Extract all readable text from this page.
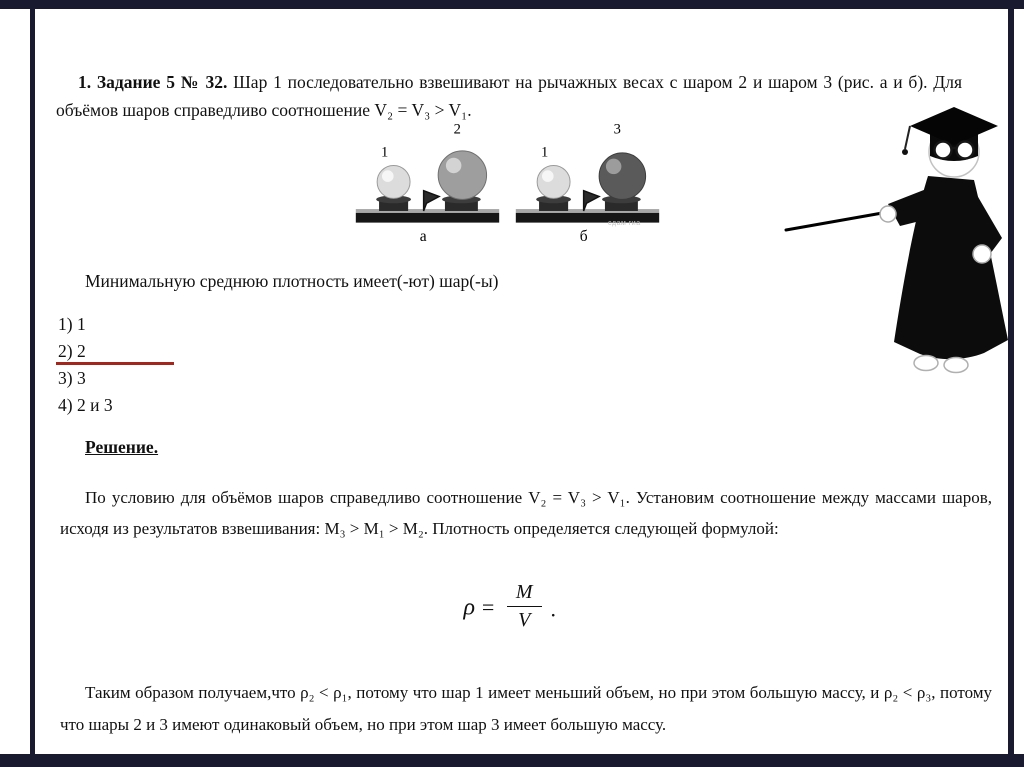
1. Задание 5 № 32. Шар 1 последовательно взвешивают на рычажных весах с шаром 2 и шаром 3 (рис. а и б). Для объёмов шаров справедливо соотношение V₂ = V₃ > V₁.

1
2
а
1
3
б
сдам гиа
Минимальную среднюю плотность имеет(-ют) шар(-ы)
1) 1
2) 2
3) 3
4) 2 и 3
Решение.

По условию для объёмов шаров справедливо соотношение V₂ = V₃ > V₁. Установим соотношение между массами шаров, исходя из результатов взвешивания: M₃ > M₁ > M₂. Плотность определяется следующей формулой:

$\rho = \frac{M}{V}$ .

Таким образом получаем,что ρ₂ < ρ₁, потому что шар 1 имеет меньший объем, но при этом большую массу, и ρ₂ < ρ₃, потому что шары 2 и 3 имеют одинаковый объем, но при этом шар 3 имеет большую массу.
